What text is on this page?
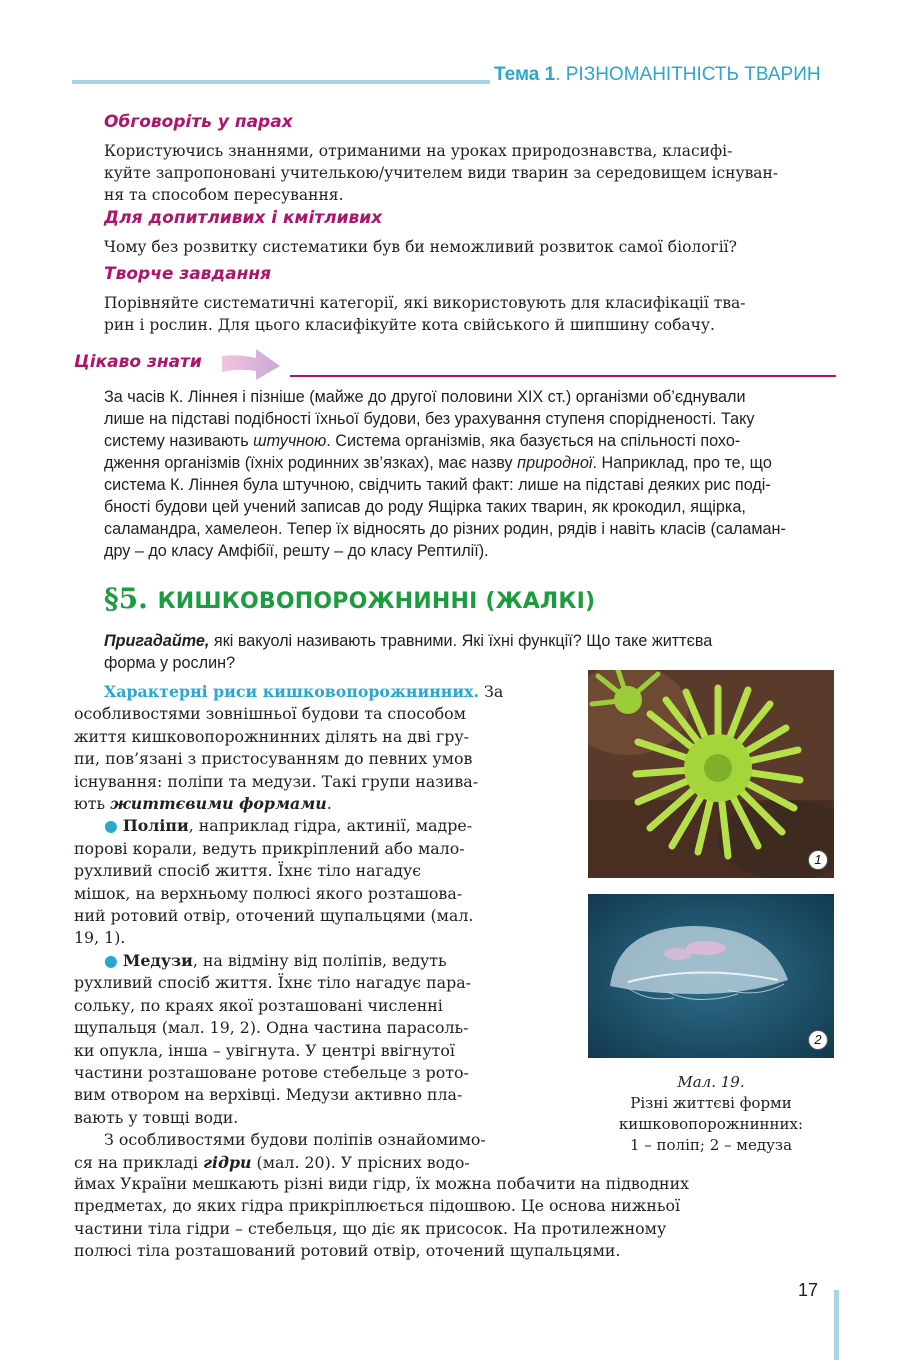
Тема 1. РІЗНОМАНІТНІСТЬ ТВАРИН
Обговоріть у парах
Користуючись знаннями, отриманими на уроках природознавства, класифі-
куйте запропоновані учителькою/учителем види тварин за середовищем існуван-
ня та способом пересування.
Для допитливих і кмітливих
Чому без розвитку систематики був би неможливий розвиток самої біології?
Творче завдання
Порівняйте систематичні категорії, які використовують для класифікації тва-
рин і рослин. Для цього класифікуйте кота свійського й шипшину собачу.
Цікаво знати
За часів К. Ліннея і пізніше (майже до другої половини XIX ст.) організми об’єднували
лише на підставі подібності їхньої будови, без урахування ступеня спорідненості. Таку
систему називають штучною. Система організмів, яка базується на спільності похо-
дження організмів (їхніх родинних зв’язках), має назву природної. Наприклад, про те, що
система К. Ліннея була штучною, свідчить такий факт: лише на підставі деяких рис поді-
бності будови цей учений записав до роду Ящірка таких тварин, як крокодил, ящірка,
саламандра, хамелеон. Тепер їх відносять до різних родин, рядів і навіть класів (саламан-
дру – до класу Амфібії, решту – до класу Рептилії).
§5. КИШКОВОПОРОЖНИННІ (ЖАЛКІ)
Пригадайте, які вакуолі називають травними. Які їхні функції? Що таке життєва
форма у рослин?
Характерні риси кишковопорожнинних. За
особливостями зовнішньої будови та способом
життя кишковопорожнинних ділять на дві гру-
пи, пов’язані з пристосуванням до певних умов
існування: поліпи та медузи. Такі групи назива-
ють життєвими формами.
● Поліпи, наприклад гідра, актинії, мадре-
порові корали, ведуть прикріплений або мало-
рухливий спосіб життя. Їхнє тіло нагадує
мішок, на верхньому полюсі якого розташова-
ний ротовий отвір, оточений щупальцями (мал.
19, 1).
● Медузи, на відміну від поліпів, ведуть
рухливий спосіб життя. Їхнє тіло нагадує пара-
сольку, по краях якої розташовані численні
щупальця (мал. 19, 2). Одна частина парасоль-
ки опукла, інша – увігнута. У центрі ввігнутої
частини розташоване ротове стебельце з рото-
вим отвором на верхівці. Медузи активно пла-
вають у товщі води.
З особливостями будови поліпів ознайомимо-
ся на прикладі гідри (мал. 20). У прісних водо-
ймах України мешкають різні види гідр, їх можна побачити на підводних
предметах, до яких гідра прикріплюється підошвою. Це основа нижньої
частини тіла гідри – стебельця, що діє як присосок. На протилежному
полюсі тіла розташований ротовий отвір, оточений щупальцями.
1
2
Мал. 19.
Різні життєві форми
кишковопорожнинних:
1 – поліп; 2 – медуза
17
